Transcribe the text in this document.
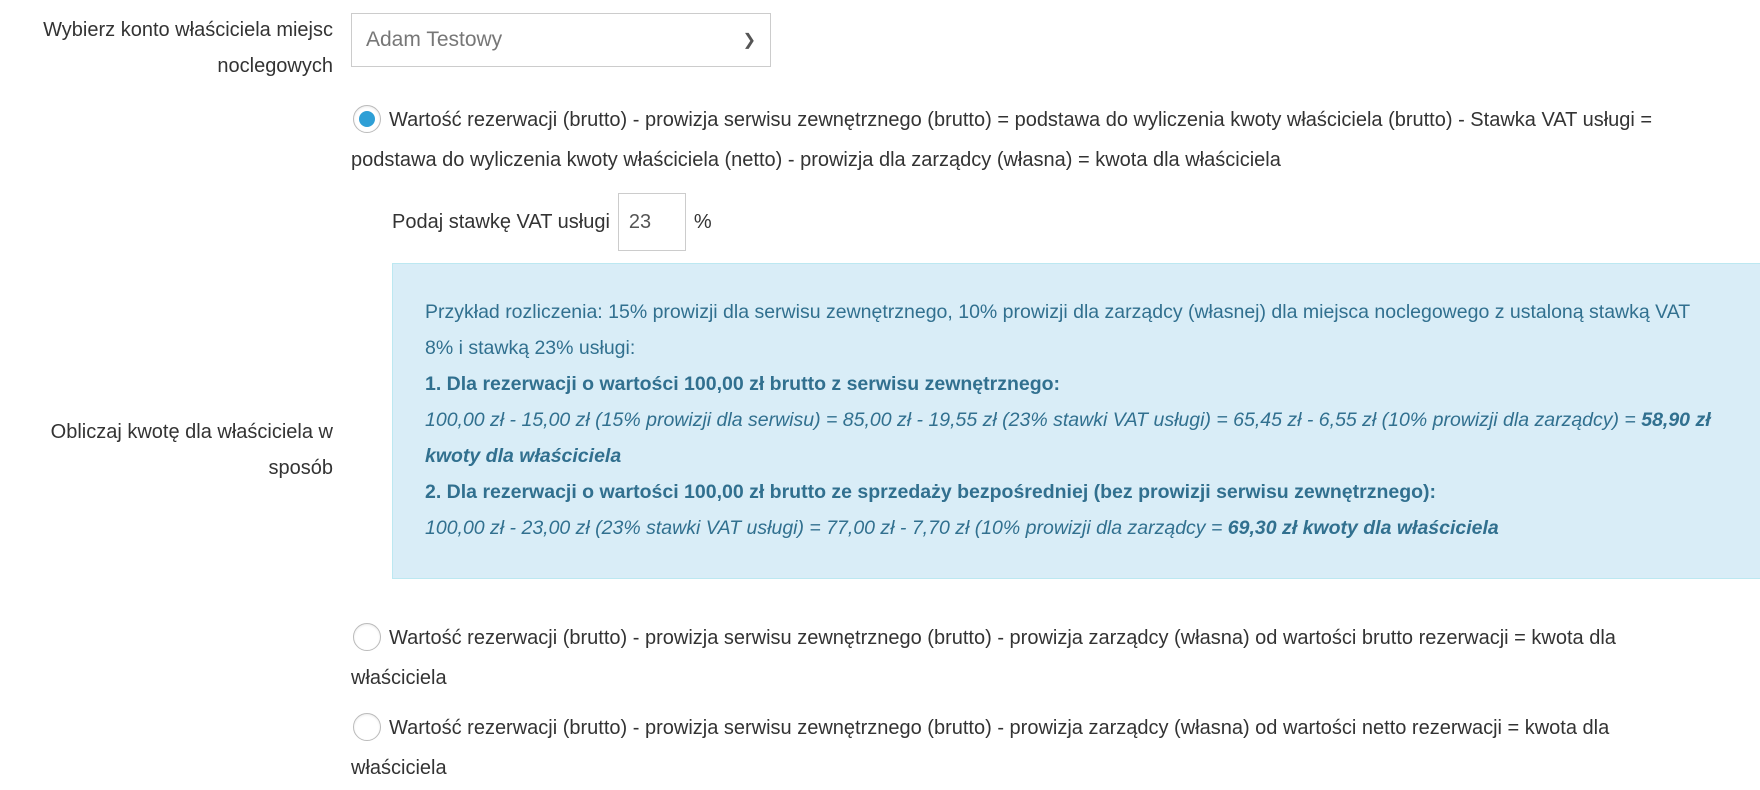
Wybierz konto właściciela miejsc noclegowych
Adam Testowy	❯
Wartość rezerwacji (brutto) - prowizja serwisu zewnętrznego (brutto) = podstawa do wyliczenia kwoty właściciela (brutto) - Stawka VAT usługi = podstawa do wyliczenia kwoty właściciela (netto) - prowizja dla zarządcy (własna) = kwota dla właściciela
Podaj stawkę VAT usługi
23	%
Obliczaj kwotę dla właściciela w sposób
Przykład rozliczenia: 15% prowizji dla serwisu zewnętrznego, 10% prowizji dla zarządcy (własnej) dla miejsca noclegowego z ustaloną stawką VAT 8% i stawką 23% usługi:
1. Dla rezerwacji o wartości 100,00 zł brutto z serwisu zewnętrznego:
100,00 zł - 15,00 zł (15% prowizji dla serwisu) = 85,00 zł - 19,55 zł (23% stawki VAT usługi) = 65,45 zł - 6,55 zł (10% prowizji dla zarządcy) = 58,90 zł kwoty dla właściciela
2. Dla rezerwacji o wartości 100,00 zł brutto ze sprzedaży bezpośredniej (bez prowizji serwisu zewnętrznego):
100,00 zł - 23,00 zł (23% stawki VAT usługi) = 77,00 zł - 7,70 zł (10% prowizji dla zarządcy = 69,30 zł kwoty dla właściciela
Wartość rezerwacji (brutto) - prowizja serwisu zewnętrznego (brutto) - prowizja zarządcy (własna) od wartości brutto rezerwacji = kwota dla właściciela
Wartość rezerwacji (brutto) - prowizja serwisu zewnętrznego (brutto) - prowizja zarządcy (własna) od wartości netto rezerwacji = kwota dla właściciela
